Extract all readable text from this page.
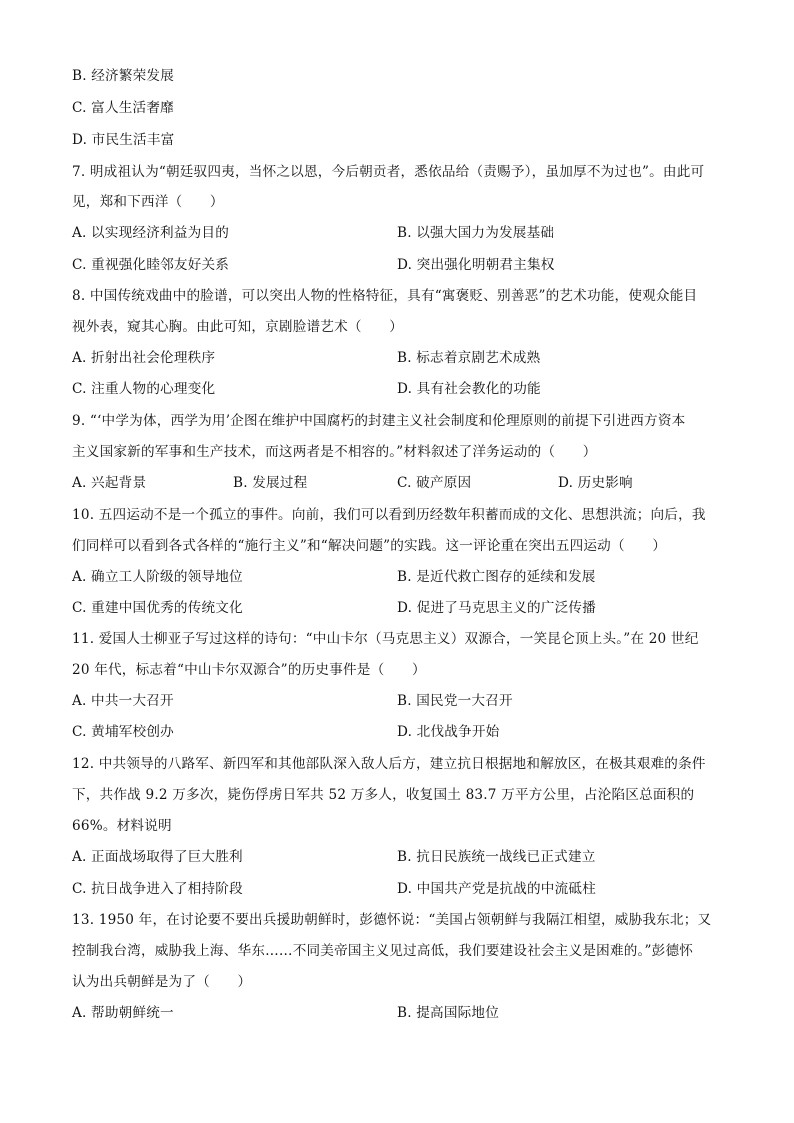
B. 经济繁荣发展
C. 富人生活奢靡
D. 市民生活丰富
7. 明成祖认为“朝廷驭四夷，当怀之以恩，今后朝贡者，悉依品给（责赐予），虽加厚不为过也”。由此可
见，郑和下西洋（　　）
A. 以实现经济利益为目的	B. 以强大国力为发展基础
C. 重视强化睦邻友好关系	D. 突出强化明朝君主集权
8. 中国传统戏曲中的脸谱，可以突出人物的性格特征，具有“寓褒贬、别善恶”的艺术功能，使观众能目
视外表，窥其心胸。由此可知，京剧脸谱艺术（　　）
A. 折射出社会伦理秩序	B. 标志着京剧艺术成熟
C. 注重人物的心理变化	D. 具有社会教化的功能
9. “‘中学为体，西学为用’企图在维护中国腐朽的封建主义社会制度和伦理原则的前提下引进西方资本
主义国家新的军事和生产技术，而这两者是不相容的。”材料叙述了洋务运动的（　　）
A. 兴起背景	B. 发展过程	C. 破产原因	D. 历史影响
10. 五四运动不是一个孤立的事件。向前，我们可以看到历经数年积蓄而成的文化、思想洪流；向后，我
们同样可以看到各式各样的“施行主义”和“解决问题”的实践。这一评论重在突出五四运动（　　）
A. 确立工人阶级的领导地位	B. 是近代救亡图存的延续和发展
C. 重建中国优秀的传统文化	D. 促进了马克思主义的广泛传播
11. 爱国人士柳亚子写过这样的诗句：“中山卡尔（马克思主义）双源合，一笑昆仑顶上头。”在 20 世纪
20 年代，标志着“中山卡尔双源合”的历史事件是（　　）
A. 中共一大召开	B. 国民党一大召开
C. 黄埔军校创办	D. 北伐战争开始
12. 中共领导的八路军、新四军和其他部队深入敌人后方，建立抗日根据地和解放区，在极其艰难的条件
下，共作战 9.2 万多次，毙伤俘虏日军共 52 万多人，收复国土 83.7 万平方公里，占沦陷区总面积的
66%。材料说明
A. 正面战场取得了巨大胜利	B. 抗日民族统一战线已正式建立
C. 抗日战争进入了相持阶段	D. 中国共产党是抗战的中流砥柱
13. 1950 年，在讨论要不要出兵援助朝鲜时，彭德怀说：“美国占领朝鲜与我隔江相望，威胁我东北；又
控制我台湾，威胁我上海、华东……不同美帝国主义见过高低，我们要建设社会主义是困难的。”彭德怀
认为出兵朝鲜是为了（　　）
A. 帮助朝鲜统一	B. 提高国际地位
